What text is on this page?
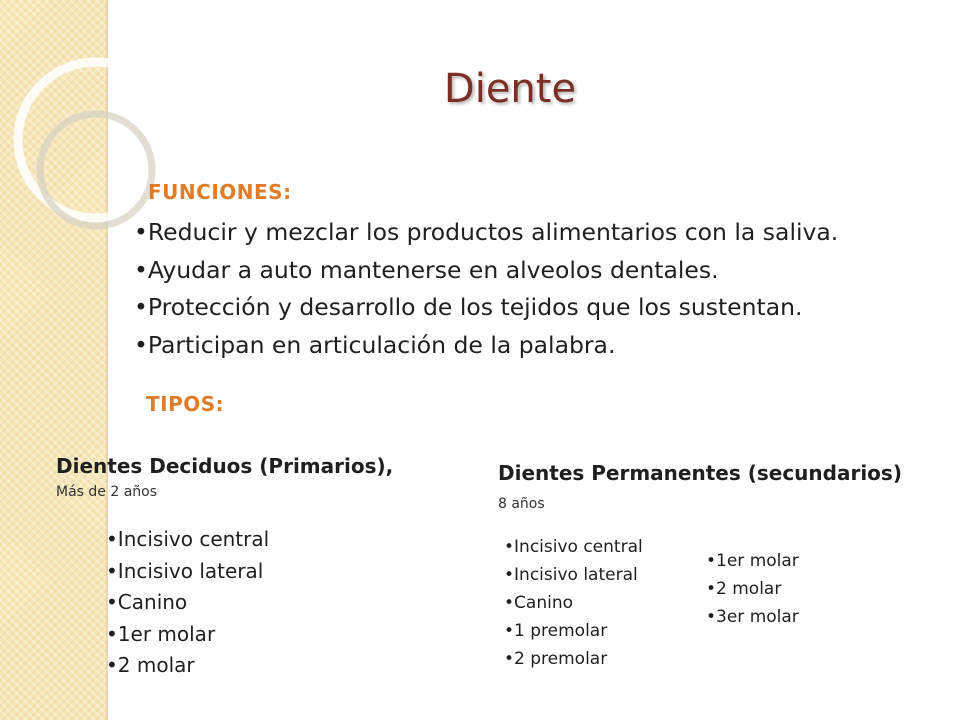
Diente
FUNCIONES:
• Reducir y mezclar los productos alimentarios con la saliva.
• Ayudar a auto mantenerse en alveolos dentales.
• Protección y desarrollo de los tejidos que los sustentan.
• Participan en articulación de la palabra.
TIPOS:
Dientes Deciduos (Primarios),
Más de 2 años
• Incisivo central
• Incisivo lateral
• Canino
• 1er molar
• 2 molar
Dientes Permanentes (secundarios)
8 años
• Incisivo central
• Incisivo lateral
• Canino
• 1 premolar
• 2 premolar
• 1er molar
• 2 molar
• 3er molar
